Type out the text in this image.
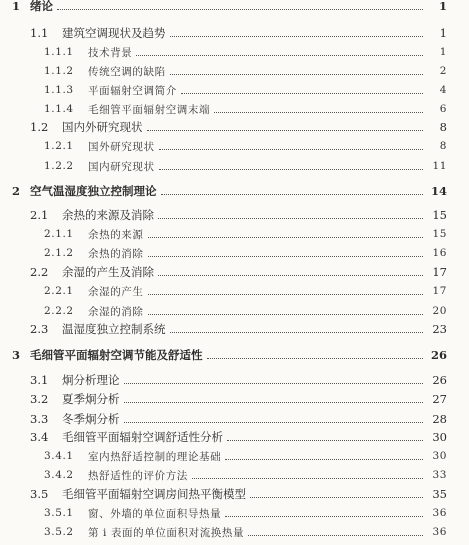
1 绪论	1
1.1	建筑空调现状及趋势	1
1.1.1	技术背景	1
1.1.2	传统空调的缺陷	2
1.1.3	平面辐射空调简介	4
1.1.4	毛细管平面辐射空调末端	6
1.2	国内外研究现状	8
1.2.1	国外研究现状	8
1.2.2	国内研究现状	11
2 空气温湿度独立控制理论	14
2.1	余热的来源及消除	15
2.1.1	余热的来源	15
2.1.2	余热的消除	16
2.2	余湿的产生及消除	17
2.2.1	余湿的产生	17
2.2.2	余湿的消除	20
2.3	温湿度独立控制系统	23
3 毛细管平面辐射空调节能及舒适性	26
3.1	炯分析理论	26
3.2	夏季炯分析	27
3.3	冬季炯分析	28
3.4	毛细管平面辐射空调舒适性分析	30
3.4.1	室内热舒适控制的理论基础	30
3.4.2	热舒适性的评价方法	33
3.5	毛细管平面辐射空调房间热平衡模型	35
3.5.1	窗、外墙的单位面积导热量	36
3.5.2	第 i 表面的单位面积对流换热量	36
